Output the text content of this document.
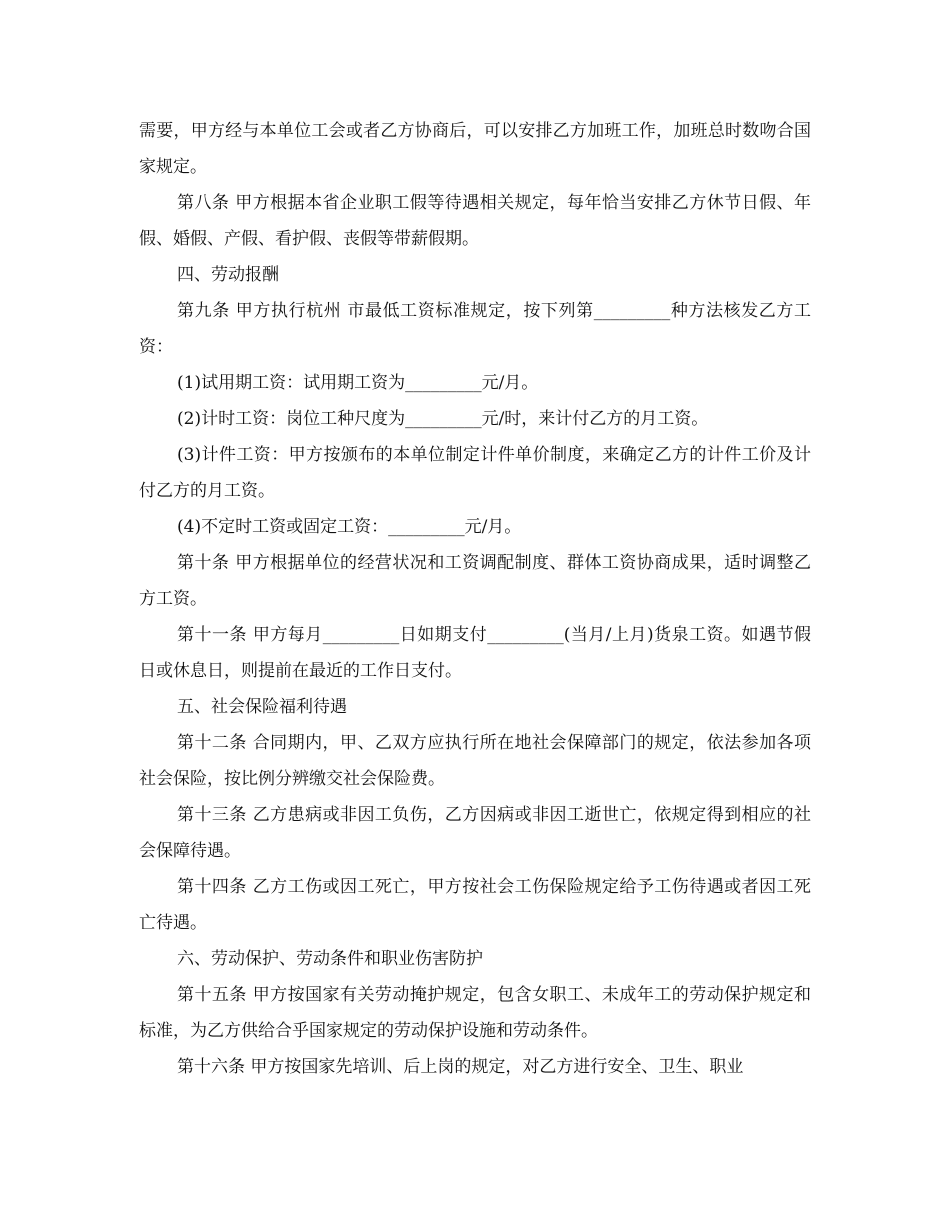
需要，甲方经与本单位工会或者乙方协商后，可以安排乙方加班工作，加班总时数吻合国家规定。

第八条 甲方根据本省企业职工假等待遇相关规定，每年恰当安排乙方休节日假、年假、婚假、产假、看护假、丧假等带薪假期。

四、劳动报酬

第九条 甲方执行杭州 市最低工资标准规定，按下列第_________种方法核发乙方工资：

(1)试用期工资：试用期工资为_________元/月。

(2)计时工资：岗位工种尺度为_________元/时，来计付乙方的月工资。

(3)计件工资：甲方按颁布的本单位制定计件单价制度，来确定乙方的计件工价及计付乙方的月工资。

(4)不定时工资或固定工资：_________元/月。

第十条 甲方根据单位的经营状况和工资调配制度、群体工资协商成果，适时调整乙方工资。

第十一条 甲方每月_________日如期支付_________(当月/上月)货泉工资。如遇节假日或休息日，则提前在最近的工作日支付。

五、社会保险福利待遇

第十二条 合同期内，甲、乙双方应执行所在地社会保障部门的规定，依法参加各项社会保险，按比例分辨缴交社会保险费。

第十三条 乙方患病或非因工负伤，乙方因病或非因工逝世亡，依规定得到相应的社会保障待遇。

第十四条 乙方工伤或因工死亡，甲方按社会工伤保险规定给予工伤待遇或者因工死亡待遇。

六、劳动保护、劳动条件和职业伤害防护

第十五条 甲方按国家有关劳动掩护规定，包含女职工、未成年工的劳动保护规定和标准，为乙方供给合乎国家规定的劳动保护设施和劳动条件。

第十六条 甲方按国家先培训、后上岗的规定，对乙方进行安全、卫生、职业
